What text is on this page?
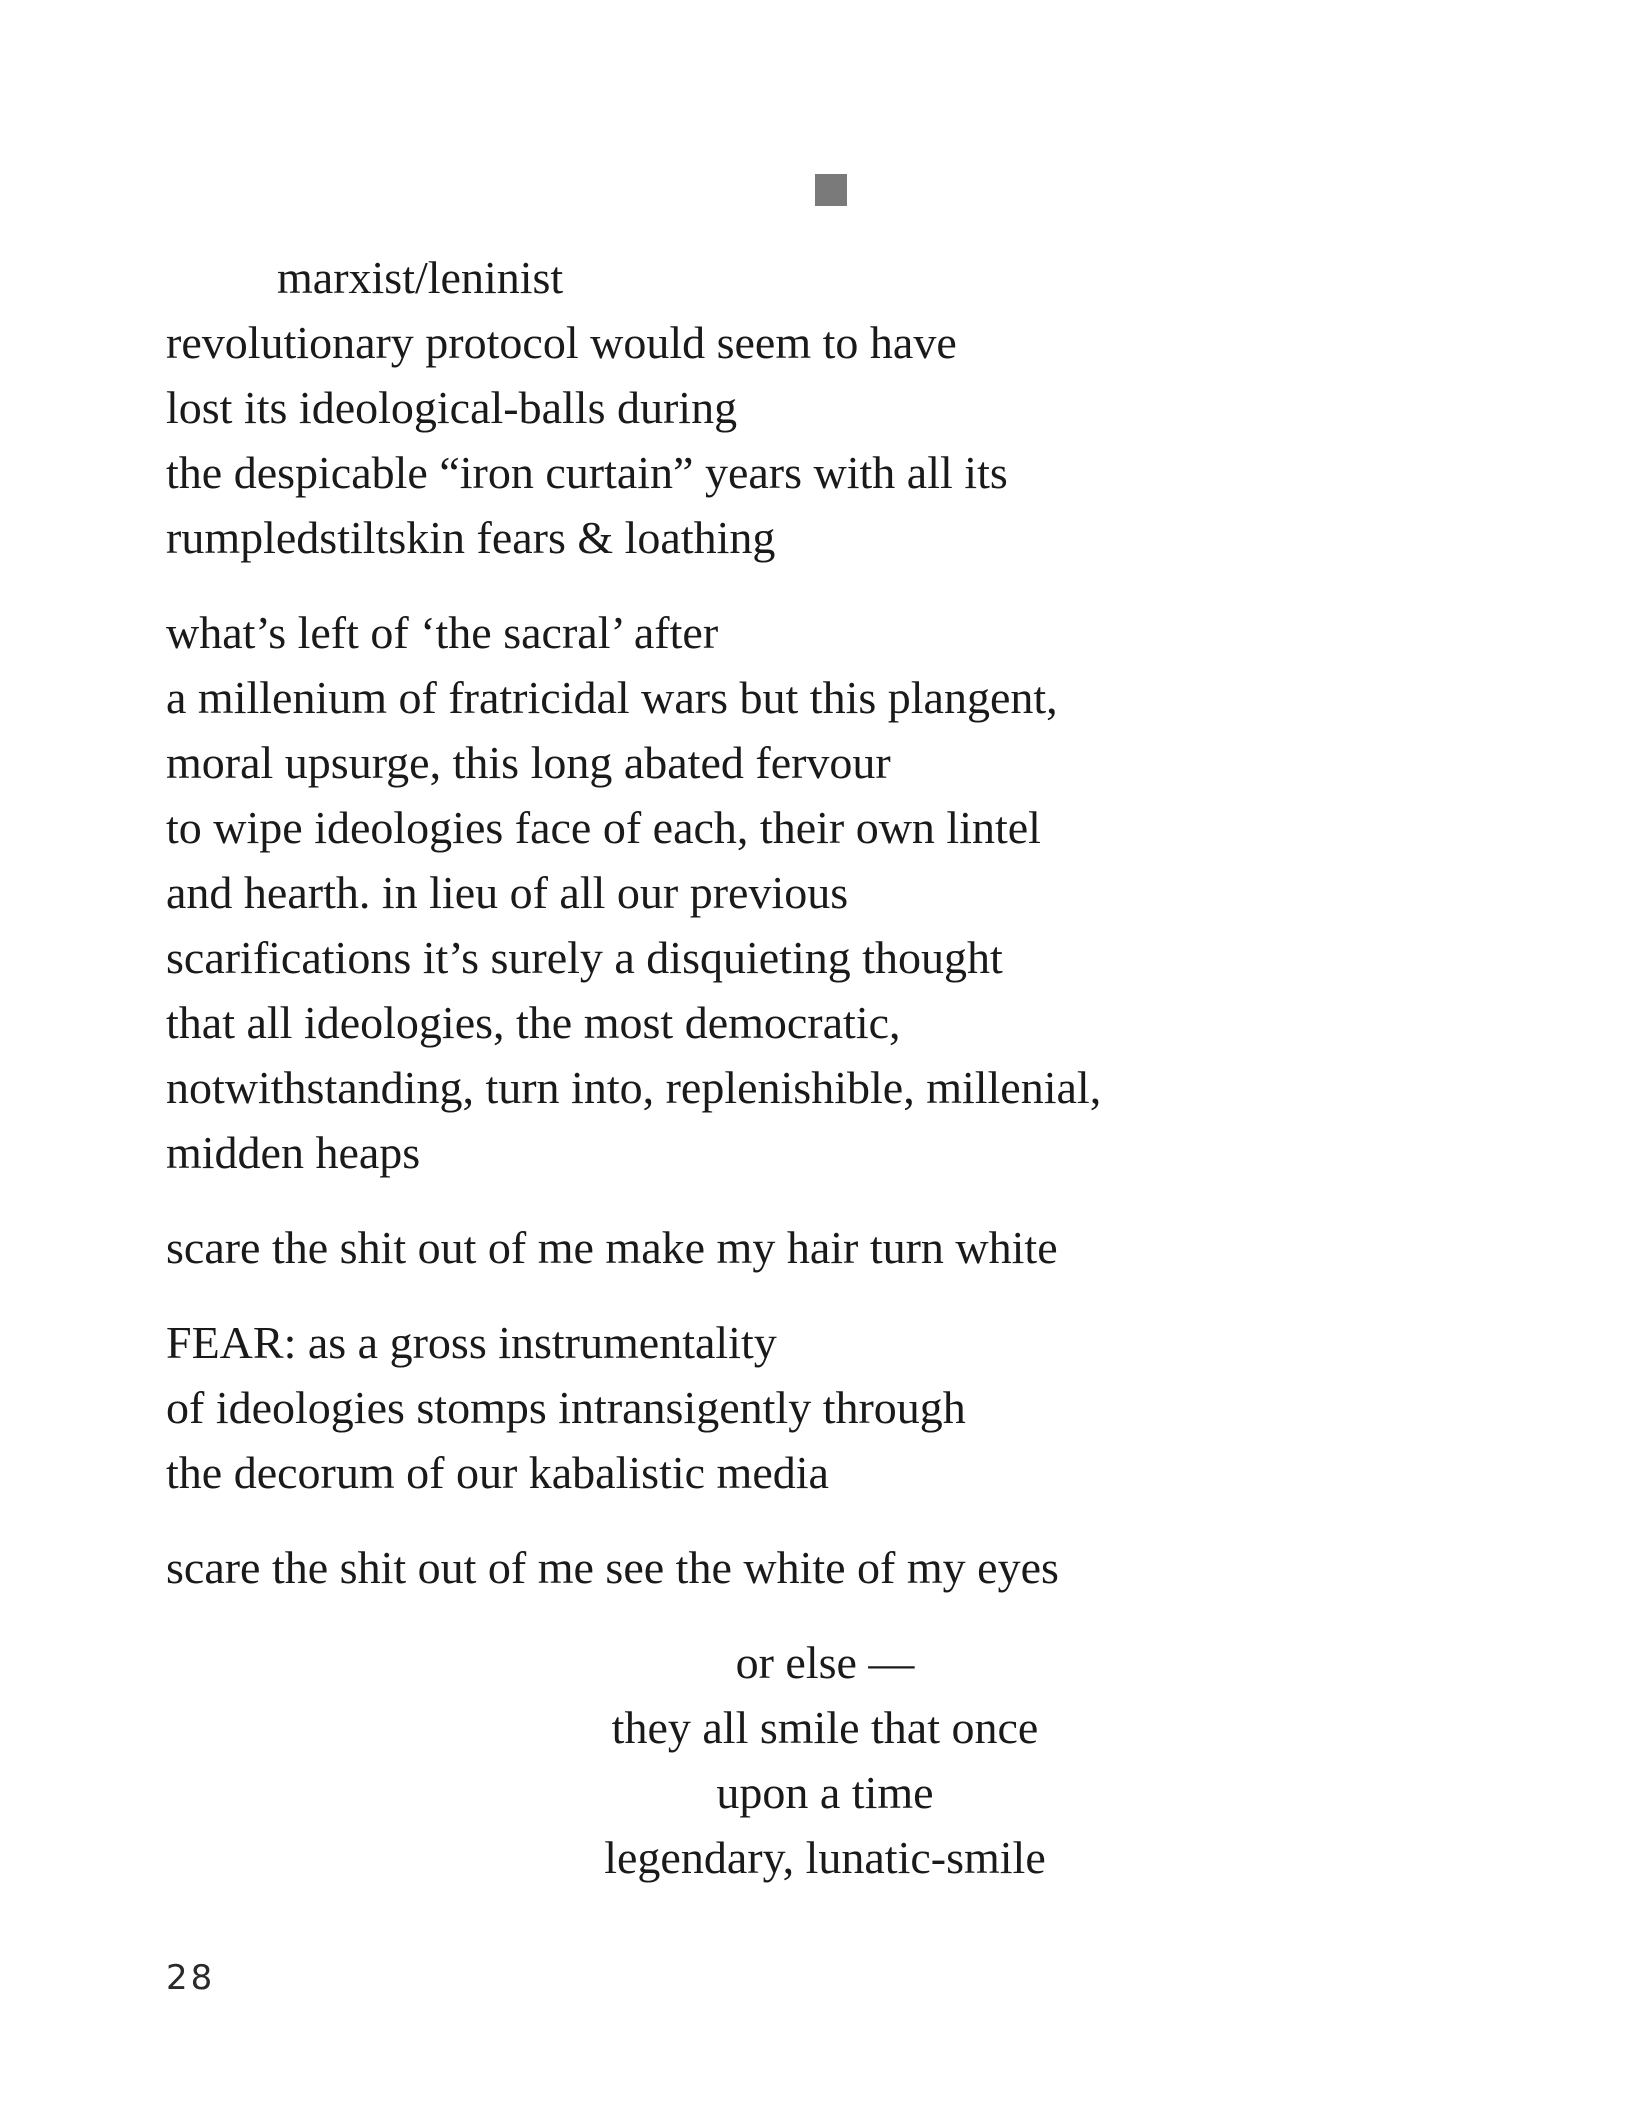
marxist/leninist
revolutionary protocol would seem to have
lost its ideological-balls during
the despicable “iron curtain” years with all its
rumpledstiltskin fears & loathing
what’s left of ‘the sacral’ after
a millenium of fratricidal wars but this plangent,
moral upsurge, this long abated fervour
to wipe ideologies face of each, their own lintel
and hearth. in lieu of all our previous
scarifications it’s surely a disquieting thought
that all ideologies, the most democratic,
notwithstanding, turn into, replenishible, millenial,
midden heaps
scare the shit out of me make my hair turn white
FEAR: as a gross instrumentality
of ideologies stomps intransigently through
the decorum of our kabalistic media
scare the shit out of me see the white of my eyes
or else —
they all smile that once
upon a time
legendary, lunatic-smile
28
